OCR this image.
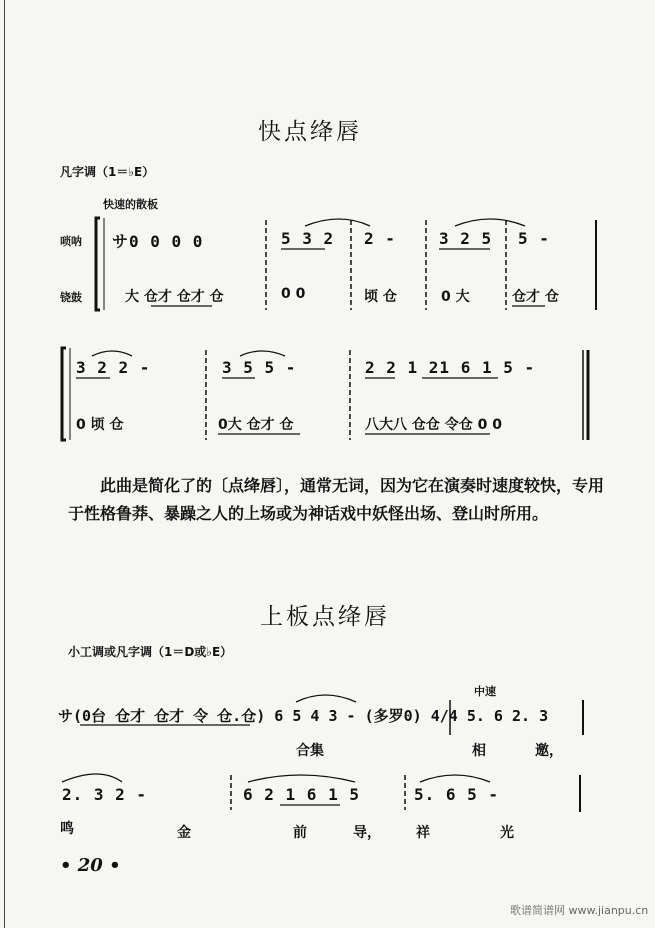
快点绛唇
凡字调（1＝♭E）
快速的散板
唢呐
铙鼓
サ0 0 0 0	5 3 2 2 -	3 2 5 5 -
大 仓才 仓才 仓	0 0	顷 仓	0 大	仓才 仓
3 2 2 -	3 5 5 -	2 2 1 21 6 1 5 -
0 顷 仓	0大 仓才 仓	八大八 仓仓 令仓 0 0
此曲是简化了的〔点绛唇〕，通常无词，因为它在演奏时速度较快，专用于性格鲁莽、暴躁之人的上场或为神话戏中妖怪出场、登山时所用。
上板点绛唇
小工调或凡字调（1＝D或♭E）
中速
サ(0台 仓才 仓才 令 仓.仓) 6 5 4 3 - (多罗0) 4/4 5. 6 2. 3
合集	相	邀，
2. 3 2 -	6 2 1 6 1 5	5. 6 5 -
鸣	金	前	导，	祥	光
• 20 •
歌谱简谱网 www.jianpu.cn
